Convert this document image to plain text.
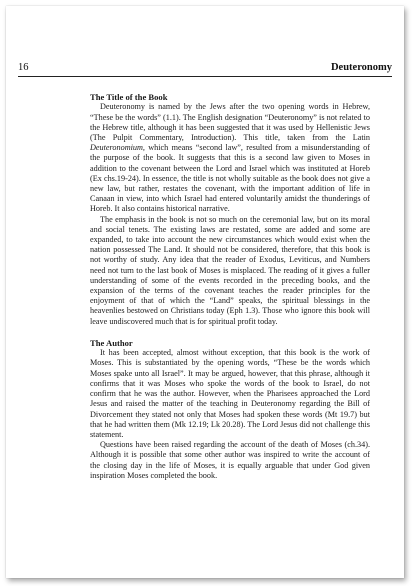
16	Deuteronomy
The Title of the Book

Deuteronomy is named by the Jews after the two opening words in Hebrew, “These be the words” (1.1). The English designation “Deuteronomy” is not related to the Hebrew title, although it has been suggested that it was used by Hellenistic Jews (The Pulpit Commentary, Introduction). This title, taken from the Latin Deuteronomium, which means “second law”, resulted from a misunderstanding of the purpose of the book. It suggests that this is a second law given to Moses in addition to the covenant between the Lord and Israel which was instituted at Horeb (Ex chs.19-24). In essence, the title is not wholly suitable as the book does not give a new law, but rather, restates the covenant, with the important addition of life in Canaan in view, into which Israel had entered voluntarily amidst the thunderings of Horeb. It also contains historical narrative.

The emphasis in the book is not so much on the ceremonial law, but on its moral and social tenets. The existing laws are restated, some are added and some are expanded, to take into account the new circumstances which would exist when the nation possessed The Land. It should not be considered, therefore, that this book is not worthy of study. Any idea that the reader of Exodus, Leviticus, and Numbers need not turn to the last book of Moses is misplaced. The reading of it gives a fuller understanding of some of the events recorded in the preceding books, and the expansion of the terms of the covenant teaches the reader principles for the enjoyment of that of which the “Land” speaks, the spiritual blessings in the heavenlies bestowed on Christians today (Eph 1.3). Those who ignore this book will leave undiscovered much that is for spiritual profit today.

The Author

It has been accepted, almost without exception, that this book is the work of Moses. This is substantiated by the opening words, “These be the words which Moses spake unto all Israel”. It may be argued, however, that this phrase, although it confirms that it was Moses who spoke the words of the book to Israel, do not confirm that he was the author. However, when the Pharisees approached the Lord Jesus and raised the matter of the teaching in Deuteronomy regarding the Bill of Divorcement they stated not only that Moses had spoken these words (Mt 19.7) but that he had written them (Mk 12.19; Lk 20.28). The Lord Jesus did not challenge this statement.

Questions have been raised regarding the account of the death of Moses (ch.34). Although it is possible that some other author was inspired to write the account of the closing day in the life of Moses, it is equally arguable that under God given inspiration Moses completed the book.
